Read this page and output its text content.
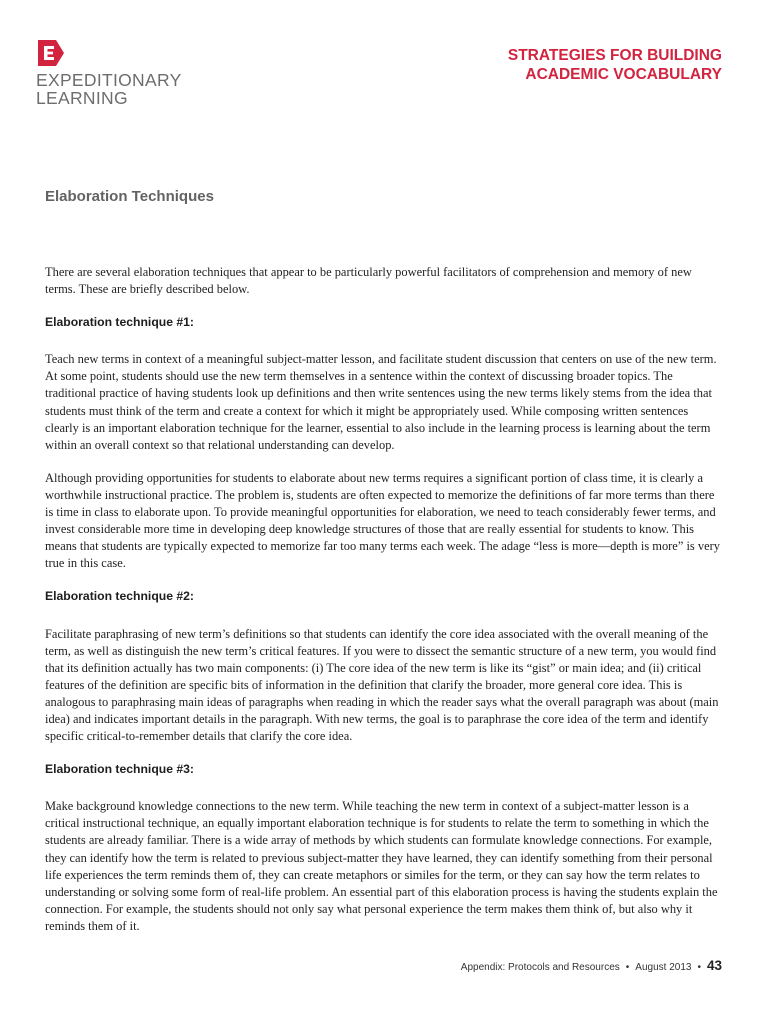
EXPEDITIONARY
LEARNING
STRATEGIES FOR BUILDING
ACADEMIC VOCABULARY
Elaboration Techniques

There are several elaboration techniques that appear to be particularly powerful facilitators of comprehension and memory of new terms. These are briefly described below.

Elaboration technique #1:

Teach new terms in context of a meaningful subject-matter lesson, and facilitate student discussion that centers on use of the new term. At some point, students should use the new term themselves in a sentence within the context of discussing broader topics. The traditional practice of having students look up definitions and then write sentences using the new terms likely stems from the idea that students must think of the term and create a context for which it might be appropriately used. While composing written sentences clearly is an important elaboration technique for the learner, essential to also include in the learning process is learning about the term within an overall context so that relational understanding can develop.

Although providing opportunities for students to elaborate about new terms requires a significant portion of class time, it is clearly a worthwhile instructional practice. The problem is, students are often expected to memorize the definitions of far more terms than there is time in class to elaborate upon. To provide meaningful opportunities for elaboration, we need to teach considerably fewer terms, and invest considerable more time in developing deep knowledge structures of those that are really essential for students to know. This means that students are typically expected to memorize far too many terms each week. The adage “less is more—depth is more” is very true in this case.

Elaboration technique #2:

Facilitate paraphrasing of new term’s definitions so that students can identify the core idea associated with the overall meaning of the term, as well as distinguish the new term’s critical features. If you were to dissect the semantic structure of a new term, you would find that its definition actually has two main components: (i) The core idea of the new term is like its “gist” or main idea; and (ii) critical features of the definition are specific bits of information in the definition that clarify the broader, more general core idea. This is analogous to paraphrasing main ideas of paragraphs when reading in which the reader says what the overall paragraph was about (main idea) and indicates important details in the paragraph. With new terms, the goal is to paraphrase the core idea of the term and identify specific critical-to-remember details that clarify the core idea.

Elaboration technique #3:

Make background knowledge connections to the new term. While teaching the new term in context of a subject-matter lesson is a critical instructional technique, an equally important elaboration technique is for students to relate the term to something in which the students are already familiar. There is a wide array of methods by which students can formulate knowledge connections. For example, they can identify how the term is related to previous subject-matter they have learned, they can identify something from their personal life experiences the term reminds them of, they can create metaphors or similes for the term, or they can say how the term relates to understanding or solving some form of real-life problem. An essential part of this elaboration process is having the students explain the connection. For example, the students should not only say what personal experience the term makes them think of, but also why it reminds them of it.

Appendix: Protocols and Resources • August 2013 • 43
